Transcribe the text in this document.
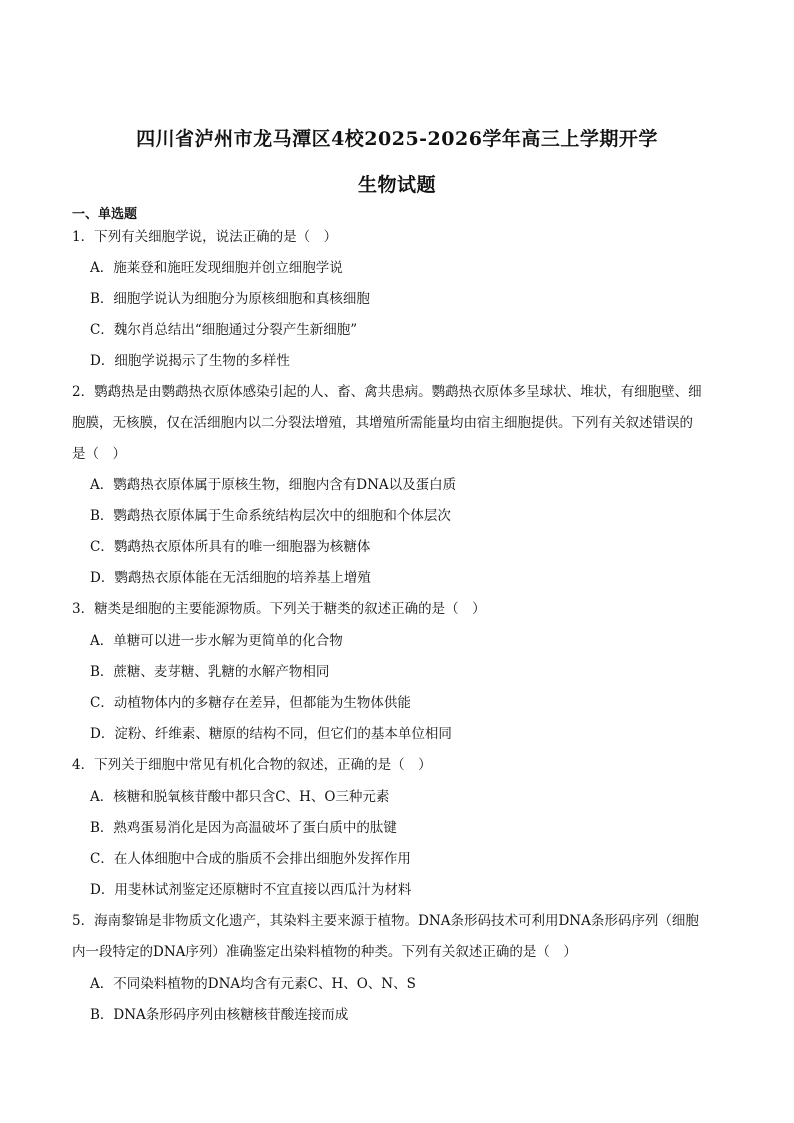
四川省泸州市龙马潭区4校2025-2026学年高三上学期开学
生物试题
一、单选题
1．下列有关细胞学说，说法正确的是（　）
A．施莱登和施旺发现细胞并创立细胞学说
B．细胞学说认为细胞分为原核细胞和真核细胞
C．魏尔肖总结出“细胞通过分裂产生新细胞”
D．细胞学说揭示了生物的多样性
2．鹦鹉热是由鹦鹉热衣原体感染引起的人、畜、禽共患病。鹦鹉热衣原体多呈球状、堆状，有细胞壁、细
胞膜，无核膜，仅在活细胞内以二分裂法增殖，其增殖所需能量均由宿主细胞提供。下列有关叙述错误的
是（　）
A．鹦鹉热衣原体属于原核生物，细胞内含有DNA以及蛋白质
B．鹦鹉热衣原体属于生命系统结构层次中的细胞和个体层次
C．鹦鹉热衣原体所具有的唯一细胞器为核糖体
D．鹦鹉热衣原体能在无活细胞的培养基上增殖
3．糖类是细胞的主要能源物质。下列关于糖类的叙述正确的是（　）
A．单糖可以进一步水解为更简单的化合物
B．蔗糖、麦芽糖、乳糖的水解产物相同
C．动植物体内的多糖存在差异，但都能为生物体供能
D．淀粉、纤维素、糖原的结构不同，但它们的基本单位相同
4．下列关于细胞中常见有机化合物的叙述，正确的是（　）
A．核糖和脱氧核苷酸中都只含C、H、O三种元素
B．熟鸡蛋易消化是因为高温破坏了蛋白质中的肽键
C．在人体细胞中合成的脂质不会排出细胞外发挥作用
D．用斐林试剂鉴定还原糖时不宜直接以西瓜汁为材料
5．海南黎锦是非物质文化遗产，其染料主要来源于植物。DNA条形码技术可利用DNA条形码序列（细胞
内一段特定的DNA序列）准确鉴定出染料植物的种类。下列有关叙述正确的是（　）
A．不同染料植物的DNA均含有元素C、H、O、N、S
B．DNA条形码序列由核糖核苷酸连接而成
